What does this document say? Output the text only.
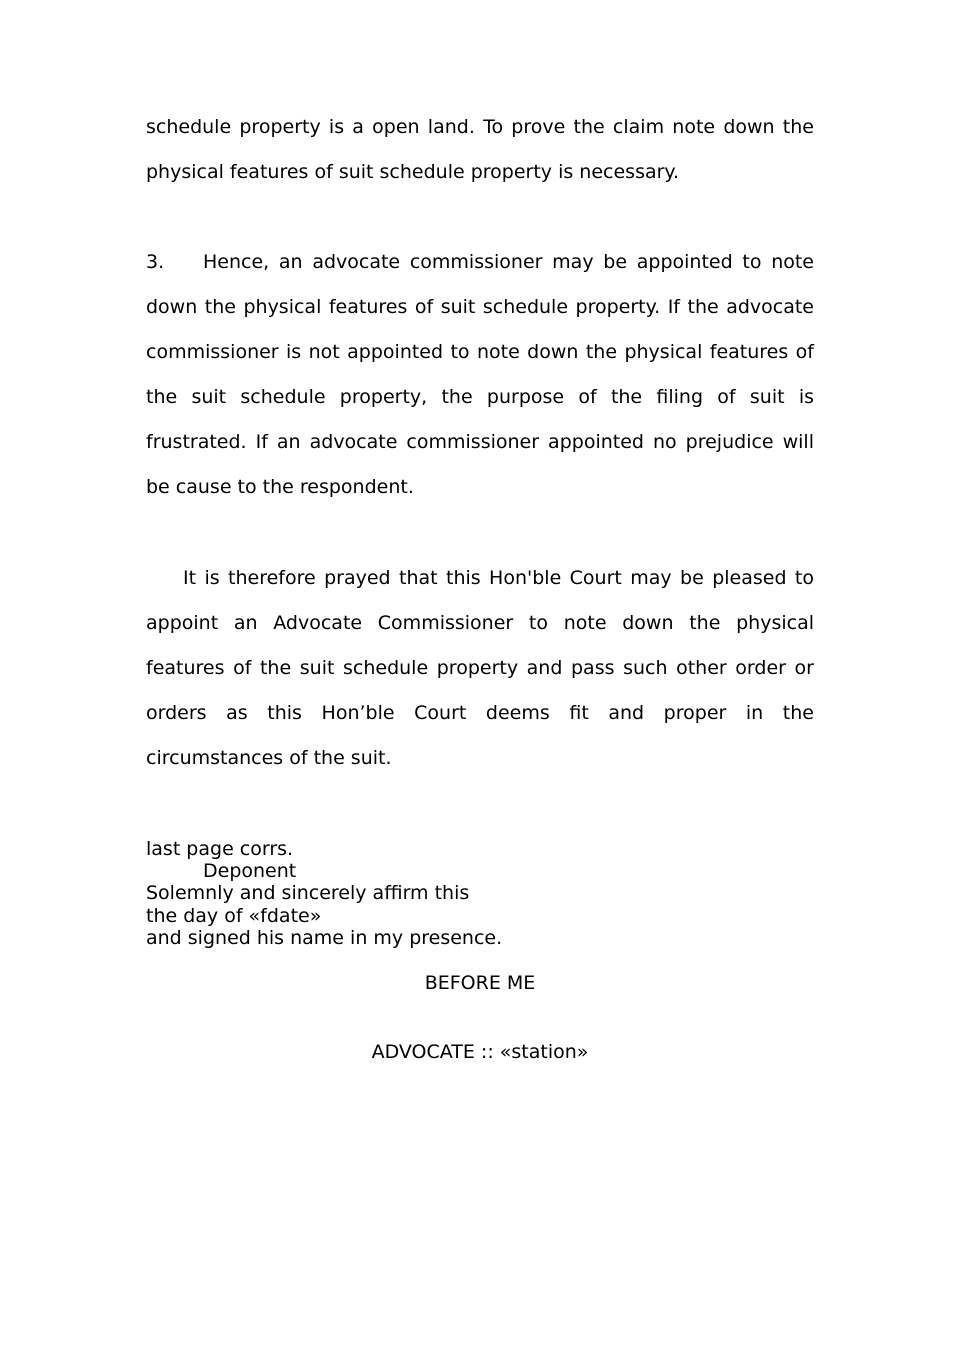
schedule property is a open land. To prove the claim note down the
physical features of suit schedule property is necessary.
3. Hence, an advocate commissioner may be appointed to note
down the physical features of suit schedule property. If the advocate
commissioner is not appointed to note down the physical features of
the suit schedule property, the purpose of the filing of suit is
frustrated. If an advocate commissioner appointed no prejudice will
be cause to the respondent.
It is therefore prayed that this Hon'ble Court may be pleased to
appoint an Advocate Commissioner to note down the physical
features of the suit schedule property and pass such other order or
orders as this Hon’ble Court deems fit and proper in the
circumstances of the suit.
last page corrs.
Deponent
Solemnly and sincerely affirm this
the day of «fdate»
and signed his name in my presence.
BEFORE ME
ADVOCATE :: «station»
